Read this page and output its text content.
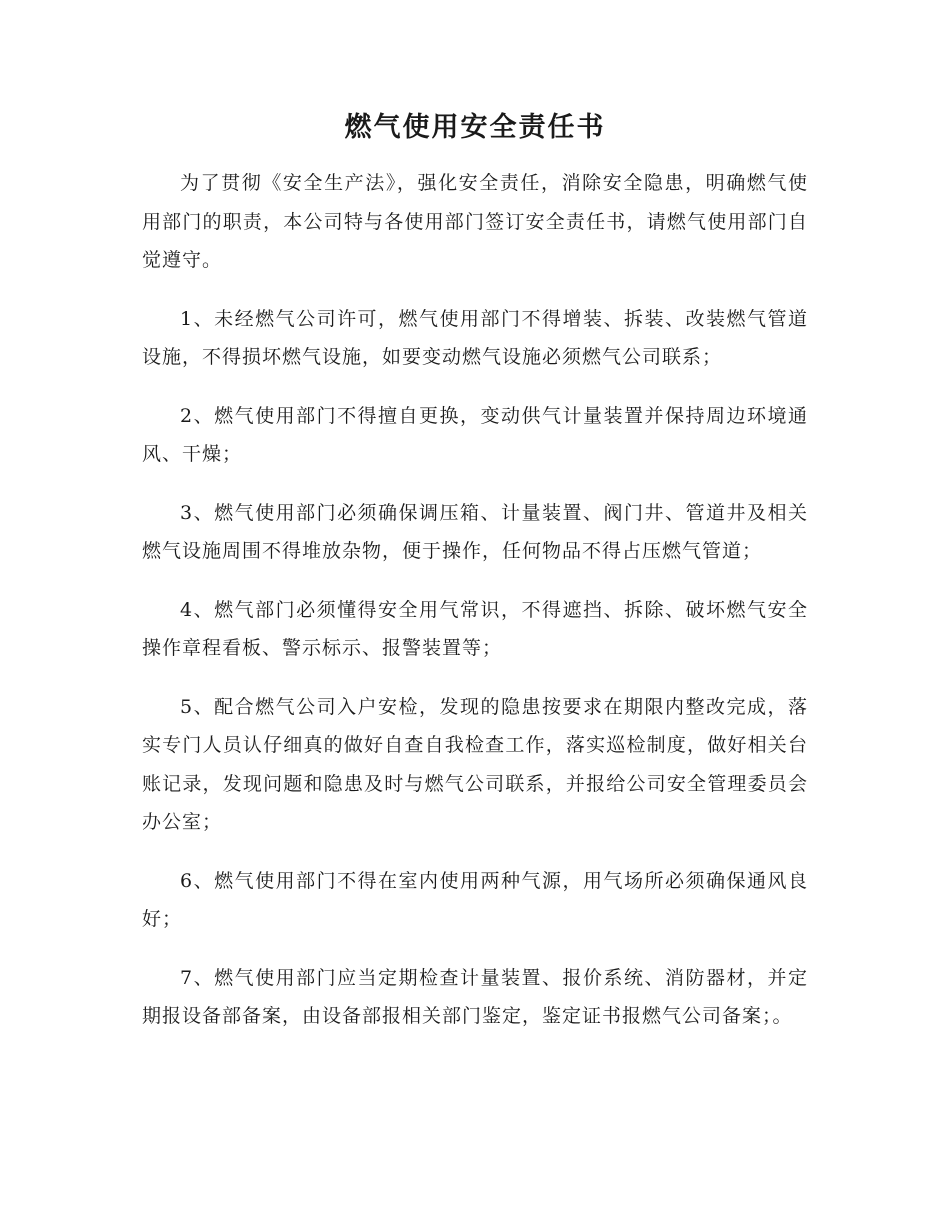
燃气使用安全责任书

为了贯彻《安全生产法》，强化安全责任，消除安全隐患，明确燃气使用部门的职责，本公司特与各使用部门签订安全责任书，请燃气使用部门自觉遵守。

1、未经燃气公司许可，燃气使用部门不得增装、拆装、改装燃气管道设施，不得损坏燃气设施，如要变动燃气设施必须燃气公司联系；

2、燃气使用部门不得擅自更换，变动供气计量装置并保持周边环境通风、干燥；

3、燃气使用部门必须确保调压箱、计量装置、阀门井、管道井及相关燃气设施周围不得堆放杂物，便于操作，任何物品不得占压燃气管道；

4、燃气部门必须懂得安全用气常识，不得遮挡、拆除、破坏燃气安全操作章程看板、警示标示、报警装置等；

5、配合燃气公司入户安检，发现的隐患按要求在期限内整改完成，落实专门人员认仔细真的做好自查自我检查工作，落实巡检制度，做好相关台账记录，发现问题和隐患及时与燃气公司联系，并报给公司安全管理委员会办公室；

6、燃气使用部门不得在室内使用两种气源，用气场所必须确保通风良好；

7、燃气使用部门应当定期检查计量装置、报价系统、消防器材，并定期报设备部备案，由设备部报相关部门鉴定，鉴定证书报燃气公司备案；。
